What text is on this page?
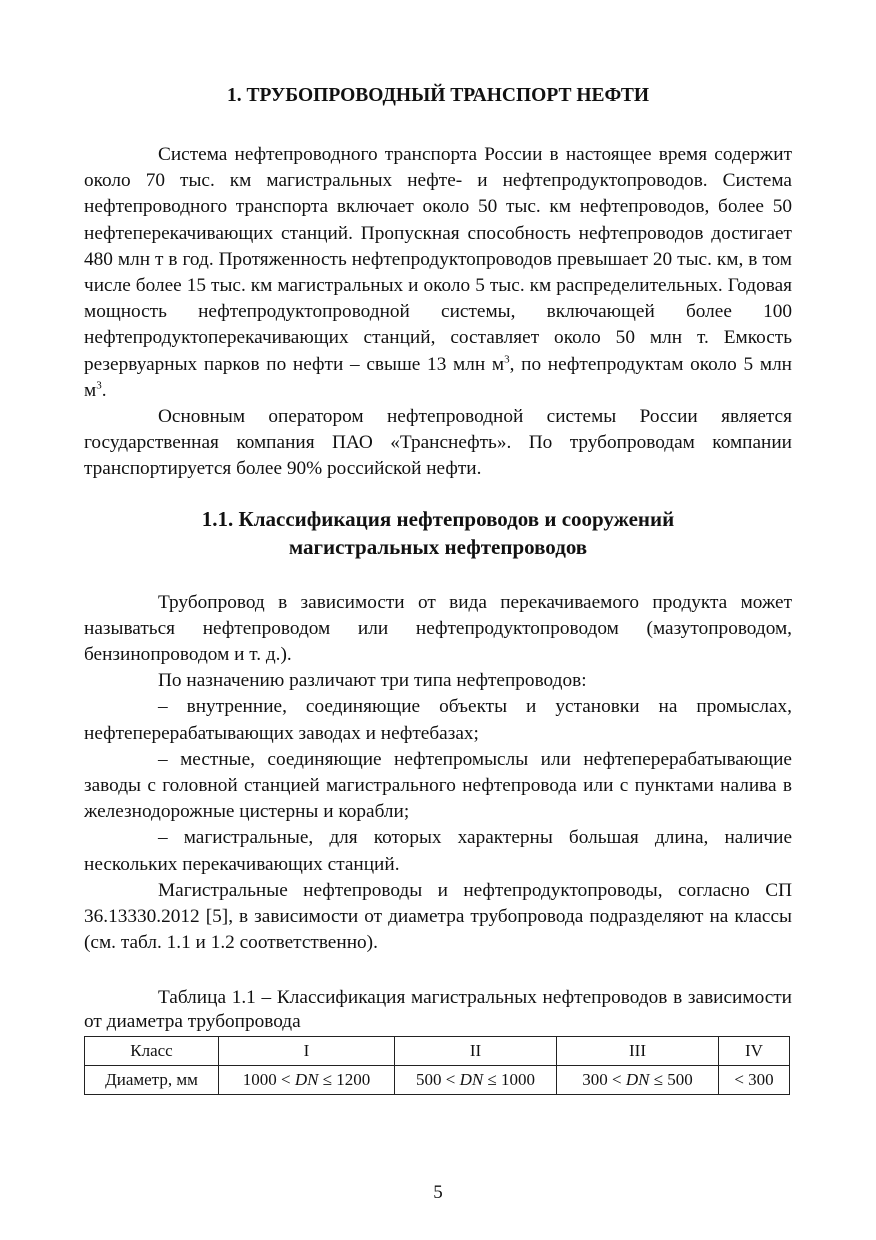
1. ТРУБОПРОВОДНЫЙ ТРАНСПОРТ НЕФТИ

Система нефтепроводного транспорта России в настоящее время содержит около 70 тыс. км магистральных нефте- и нефтепродуктопроводов. Система нефтепроводного транспорта включает около 50 тыс. км нефтепроводов, более 50 нефтеперекачивающих станций. Пропускная способность нефтепроводов достигает 480 млн т в год. Протяженность нефтепродуктопроводов превышает 20 тыс. км, в том числе более 15 тыс. км магистральных и около 5 тыс. км распределительных. Годовая мощность нефтепродуктопроводной системы, включающей более 100 нефтепродуктоперекачивающих станций, составляет около 50 млн т. Емкость резервуарных парков по нефти – свыше 13 млн $м^3$, по нефтепродуктам около 5 млн $м^3$.

Основным оператором нефтепроводной системы России является государственная компания ПАО «Транснефть». По трубопроводам компании транспортируется более 90% российской нефти.

1.1. Классификация нефтепроводов и сооружений
магистральных нефтепроводов

Трубопровод в зависимости от вида перекачиваемого продукта может называться нефтепроводом или нефтепродуктопроводом (мазутопроводом, бензинопроводом и т. д.).

По назначению различают три типа нефтепроводов:

– внутренние, соединяющие объекты и установки на промыслах, нефтеперерабатывающих заводах и нефтебазах;

– местные, соединяющие нефтепромыслы или нефтеперерабатывающие заводы с головной станцией магистрального нефтепровода или с пунктами налива в железнодорожные цистерны и корабли;

– магистральные, для которых характерны большая длина, наличие нескольких перекачивающих станций.

Магистральные нефтепроводы и нефтепродуктопроводы, согласно СП 36.13330.2012 [5], в зависимости от диаметра трубопровода подразделяют на классы (см. табл. 1.1 и 1.2 соответственно).

Таблица 1.1 – Классификация магистральных нефтепроводов в зависимости от диаметра трубопровода

Класс	I	II	III	IV
Диаметр, мм	1000 < DN ≤ 1200	500 < DN ≤ 1000	300 < DN ≤ 500	< 300
5
